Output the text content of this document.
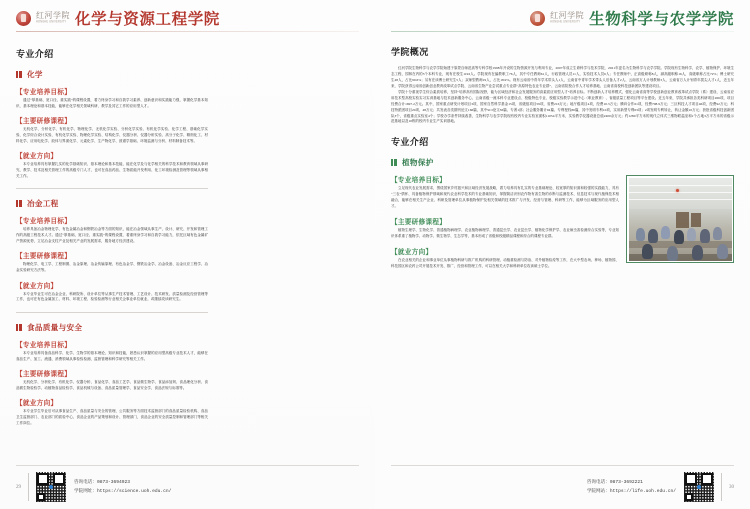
红河学院
HONGHE UNIVERSITY 化学与资源工程学院
专业介绍
化学
【专业培养目标】
通过“厚基础、宽口径、重实践”的课程设置，着力终身学习和自我学习素养、创新意识和实践能力强，掌握化学基本知识、基本理论和基本技能，能够在化学相关领域科研、教学及其它工作的应用型人才。
【主要研修课程】
无机化学、分析化学、有机化学、物理化学、无机化学实验、分析化学实验、有机化学实验、化学工程、基础化学实验、化学综合设计实验、有机化学实验、物理化学实验、结构化学、仪器分析、仪器分析实验、高分子化学、精细化工、材料化学、应用电化学、胶体与界面化学、元素化学、生产物化学、波谱学基础、环境监测与分析、材料制备技术等。
【就业方向】
本专业培养具有掌握扎实的化学基础知识、基本理论和基本技能，能在化学及与化学相关的科学技术和教育领域从事研究、教学、技术及相关管理工作的高级专门人才，也可在食品药品、生物质能开发利用、化工环境检测及管理等领域从事相关工作。
冶金工程
【专业培养目标】
培养具备冶金物理化学、有色金属冶金和钢铁冶金等方面的知识，能在冶金领域从事生产、设计、研究、开发和管理工作的高级工程技术人才。通过“厚基础、宽口径、重实践”的课程设置，着重终身学习和自我学习能力，依托区域有色金属矿产资源优势，立足冶金支柱产业及相关产业的发展需求，服务地方经济建设。
【主要研修课程】
物理化学、电工学、工程制图、冶金原理、冶金传输原理、有色冶金学、钢铁冶金学、冶金设备、冶金反应工程学、冶金实验研究方法等。
【就业方向】
本专业毕业生可在冶金企业、科研院所、设计单位等从事生产技术管理、工艺设计、技术研发、质量检测及经营管理等工作，也可在有色金属加工、材料、环境工程、检验检测等行业相关企事业单位就业，或继续攻读研究生。
食品质量与安全
【专业培养目标】
本专业培养具备食品科学、化学、生物学的基本理论、知识和技能，熟悉认识掌握的应用型高级专业技术人才，能够在食品生产、加工、流通、消费领域从事检验检测、监督管理和科学研究等相关工作。
【主要研修课程】
无机化学、分析化学、有机化学、仪器分析、食品化学、食品工艺学、食品微生物学、食品添加剂、食品理化分析、食品微生物检验学、动植物食品检验学、食品机械与设备、食品质量管理学、食品安全学、食品法规与标准等。
【就业方向】
本专业学生毕业后可从事食品生产、食品质量与安全的管理、公共服务等方面技术监督部门的食品质量检验机构、食品卫生监督部门、农业部门的质检中心、食品企业的产品策划和设计、管理部门，食品企业的安全质量控制和管理部门等相关工作岗位。
29
咨询电话：0873-3694923
学院网址：https://science.uoh.edu.cn/
红河学院
HONGHE UNIVERSITY 生物科学与农学学院
学院概况
红河学院生物科学与农学学院始建于原蒙自师范高等专科学校1998年开设的生物资源开发与利用专业，2007年成立生命科学与技术学院，2021年更名为生物科学与农学学院。学院现有生物科学、农学、植物保护、环境生态工程、园林在内的5个本科专业，现有在校生1192人。学院现有在编教职工76人，其中专任教师61人，行政管理人员11人，实验技术人员6人；专任教师中，正高级职称8人，副高级职称16人，高级职称占比72%；博士研究生48人，占比90.6%；另有在读博士研究生5人；双师型教师19人，占比18.9%。现有云南省中青年学术带头人1人、云南省中青年学术带头人后备人才2人、云南省万人计划教师3人、云南省万人计划青年拔尖人才1人，近五年来，学院获得云南省创新创业教育改革试点学院、云南省生物产业尝试重点专业群“高原特色农业专业群”、云南省院校合作人才培养基地、云南省高校科技创新团队等建设项目。
学院十分重视学生综合素质培养，坚持“培养高有国际视野，能为区域经济和社会发展服务的高素质应用型人才”培养目标。不断创新人才培养模式，强化云南省高等学校创新创业教育改革试点学院（系）建设、云南省应用技术型高校实验实习实训基地与技术创新服务中心、云南省级一流本科专业建设点、校级特色专业、校级实验教学示范中心（职业教育）、省级质量工程项目等平台建设。近五年来，学院共承担各类科研项目266项，项目经费合计1697.2万元。其中，国家重点研发计划项目3项，国家自然科学基金15项，省级组项目59项，省费216万元；地厅级项目4项，经费10.3万元；横向合作61项，经费708.9万元；三区科技人才项目46项，经费92万元；科技特派团项目20项，48万元；共发表各类期刊论文166篇，其中SCI论文36篇、专著1部；社会服务累计94篇、专利授权86篇，其中发明专利10项，实用新型专利63项；2项发明专利转让，转让金额10万元；获批省级科技创新团队3个，省级重点实验室4个；学校办学条件持续改善，生物科学与农学学院现有校内专业实验室面积11054平方米，实验教学仪器设备总值2400余万元；约1280平方米的现代立体式三维物联温室和1个占地3万平方米的省级示范基地以及10栋的校内专业生产实训基地。
专业介绍
植物保护
【专业培养目标】
立足现代农业发展需求，围绕国家乡村振兴和区域经济发展战略，着力培养具有扎实的专业基础理论、较宽厚的知识面和较强的实践能力，具有“三农”情怀、具备植物保护领域和现代农业科学技术的专业基础知识，掌握简洁识别农作物有害生物的诊断与监测技术、信息技术与现代植保技术相融合，能够在相关生产企业、科研及管理单位从事植物保护及相关领域的技术推广与开发、经营与管理、科研等工作，能够为区域服务的应用型人才。
【主要研修课程】
植物生理学、生物化学、普通植物病理学、农业植物病理学、普通昆虫学、农业昆虫学、植物化学保护学、农业病虫害检测综合实验等，专业知识体系重了植物学、动物学、微生物学、生态学等，基本形成了省级和校级精品课程和综合的课程专业群。
【就业方向】
在农业相关的企业和事业单位从事植物科研与推广机构的科研管理、动植重检测与防治、对外植物检疫等工作，在大中型农场、种场、植物园、科技园区和农药公司开展技术开发、推广、经营和管理工作，可以在相关大学和科研单位攻读硕士学位。
咨询电话：0873-3692221
学院网站：https://life.uoh.edu.cn/
30
